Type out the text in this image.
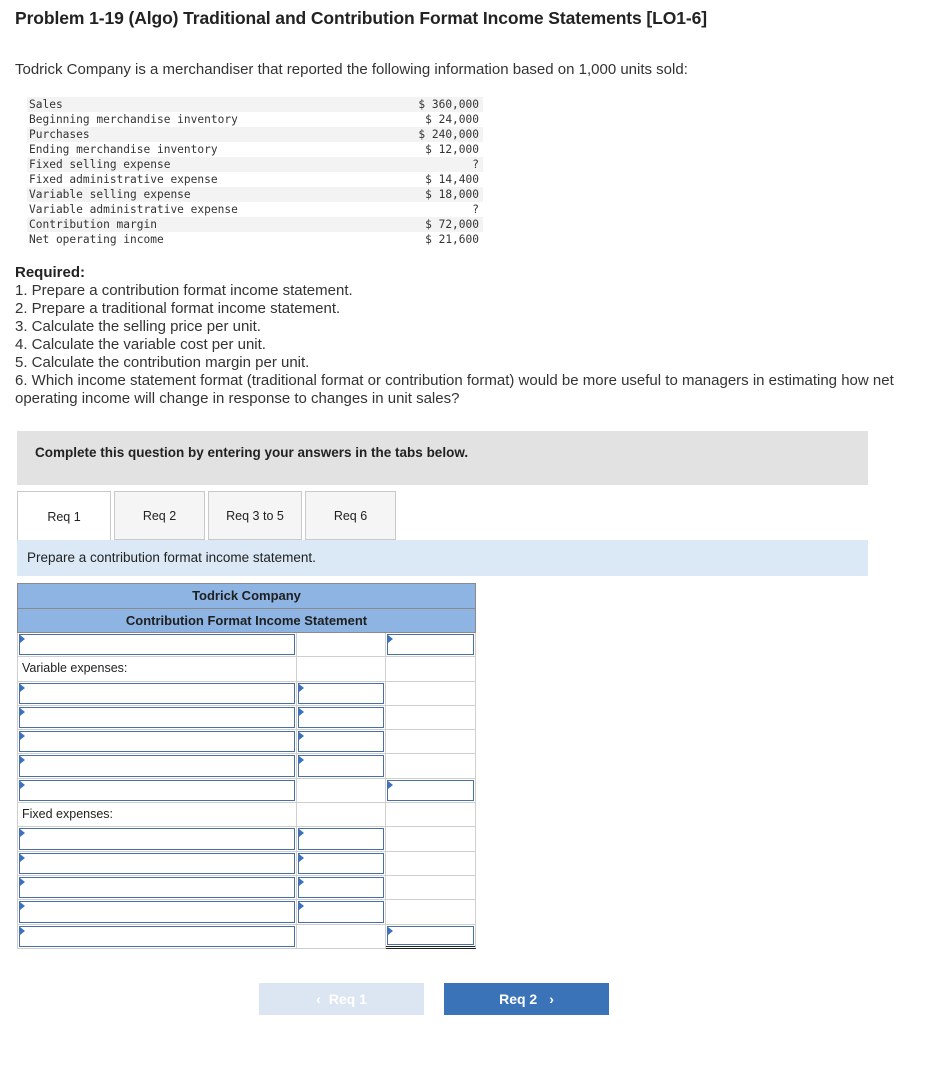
Problem 1-19 (Algo) Traditional and Contribution Format Income Statements [LO1-6]

Todrick Company is a merchandiser that reported the following information based on 1,000 units sold:

Sales	$ 360,000
Beginning merchandise inventory	$ 24,000
Purchases	$ 240,000
Ending merchandise inventory	$ 12,000
Fixed selling expense	?
Fixed administrative expense	$ 14,400
Variable selling expense	$ 18,000
Variable administrative expense	?
Contribution margin	$ 72,000
Net operating income	$ 21,600

Required:

1. Prepare a contribution format income statement.
2. Prepare a traditional format income statement.
3. Calculate the selling price per unit.
4. Calculate the variable cost per unit.
5. Calculate the contribution margin per unit.
6. Which income statement format (traditional format or contribution format) would be more useful to managers in estimating how net operating income will change in response to changes in unit sales?
Complete this question by entering your answers in the tabs below.
Req 1	Req 2	Req 3 to 5	Req 6
Prepare a contribution format income statement.
Todrick Company
Contribution Format Income Statement
Variable expenses:
Fixed expenses:
‹ Req 1	Req 2 ›
